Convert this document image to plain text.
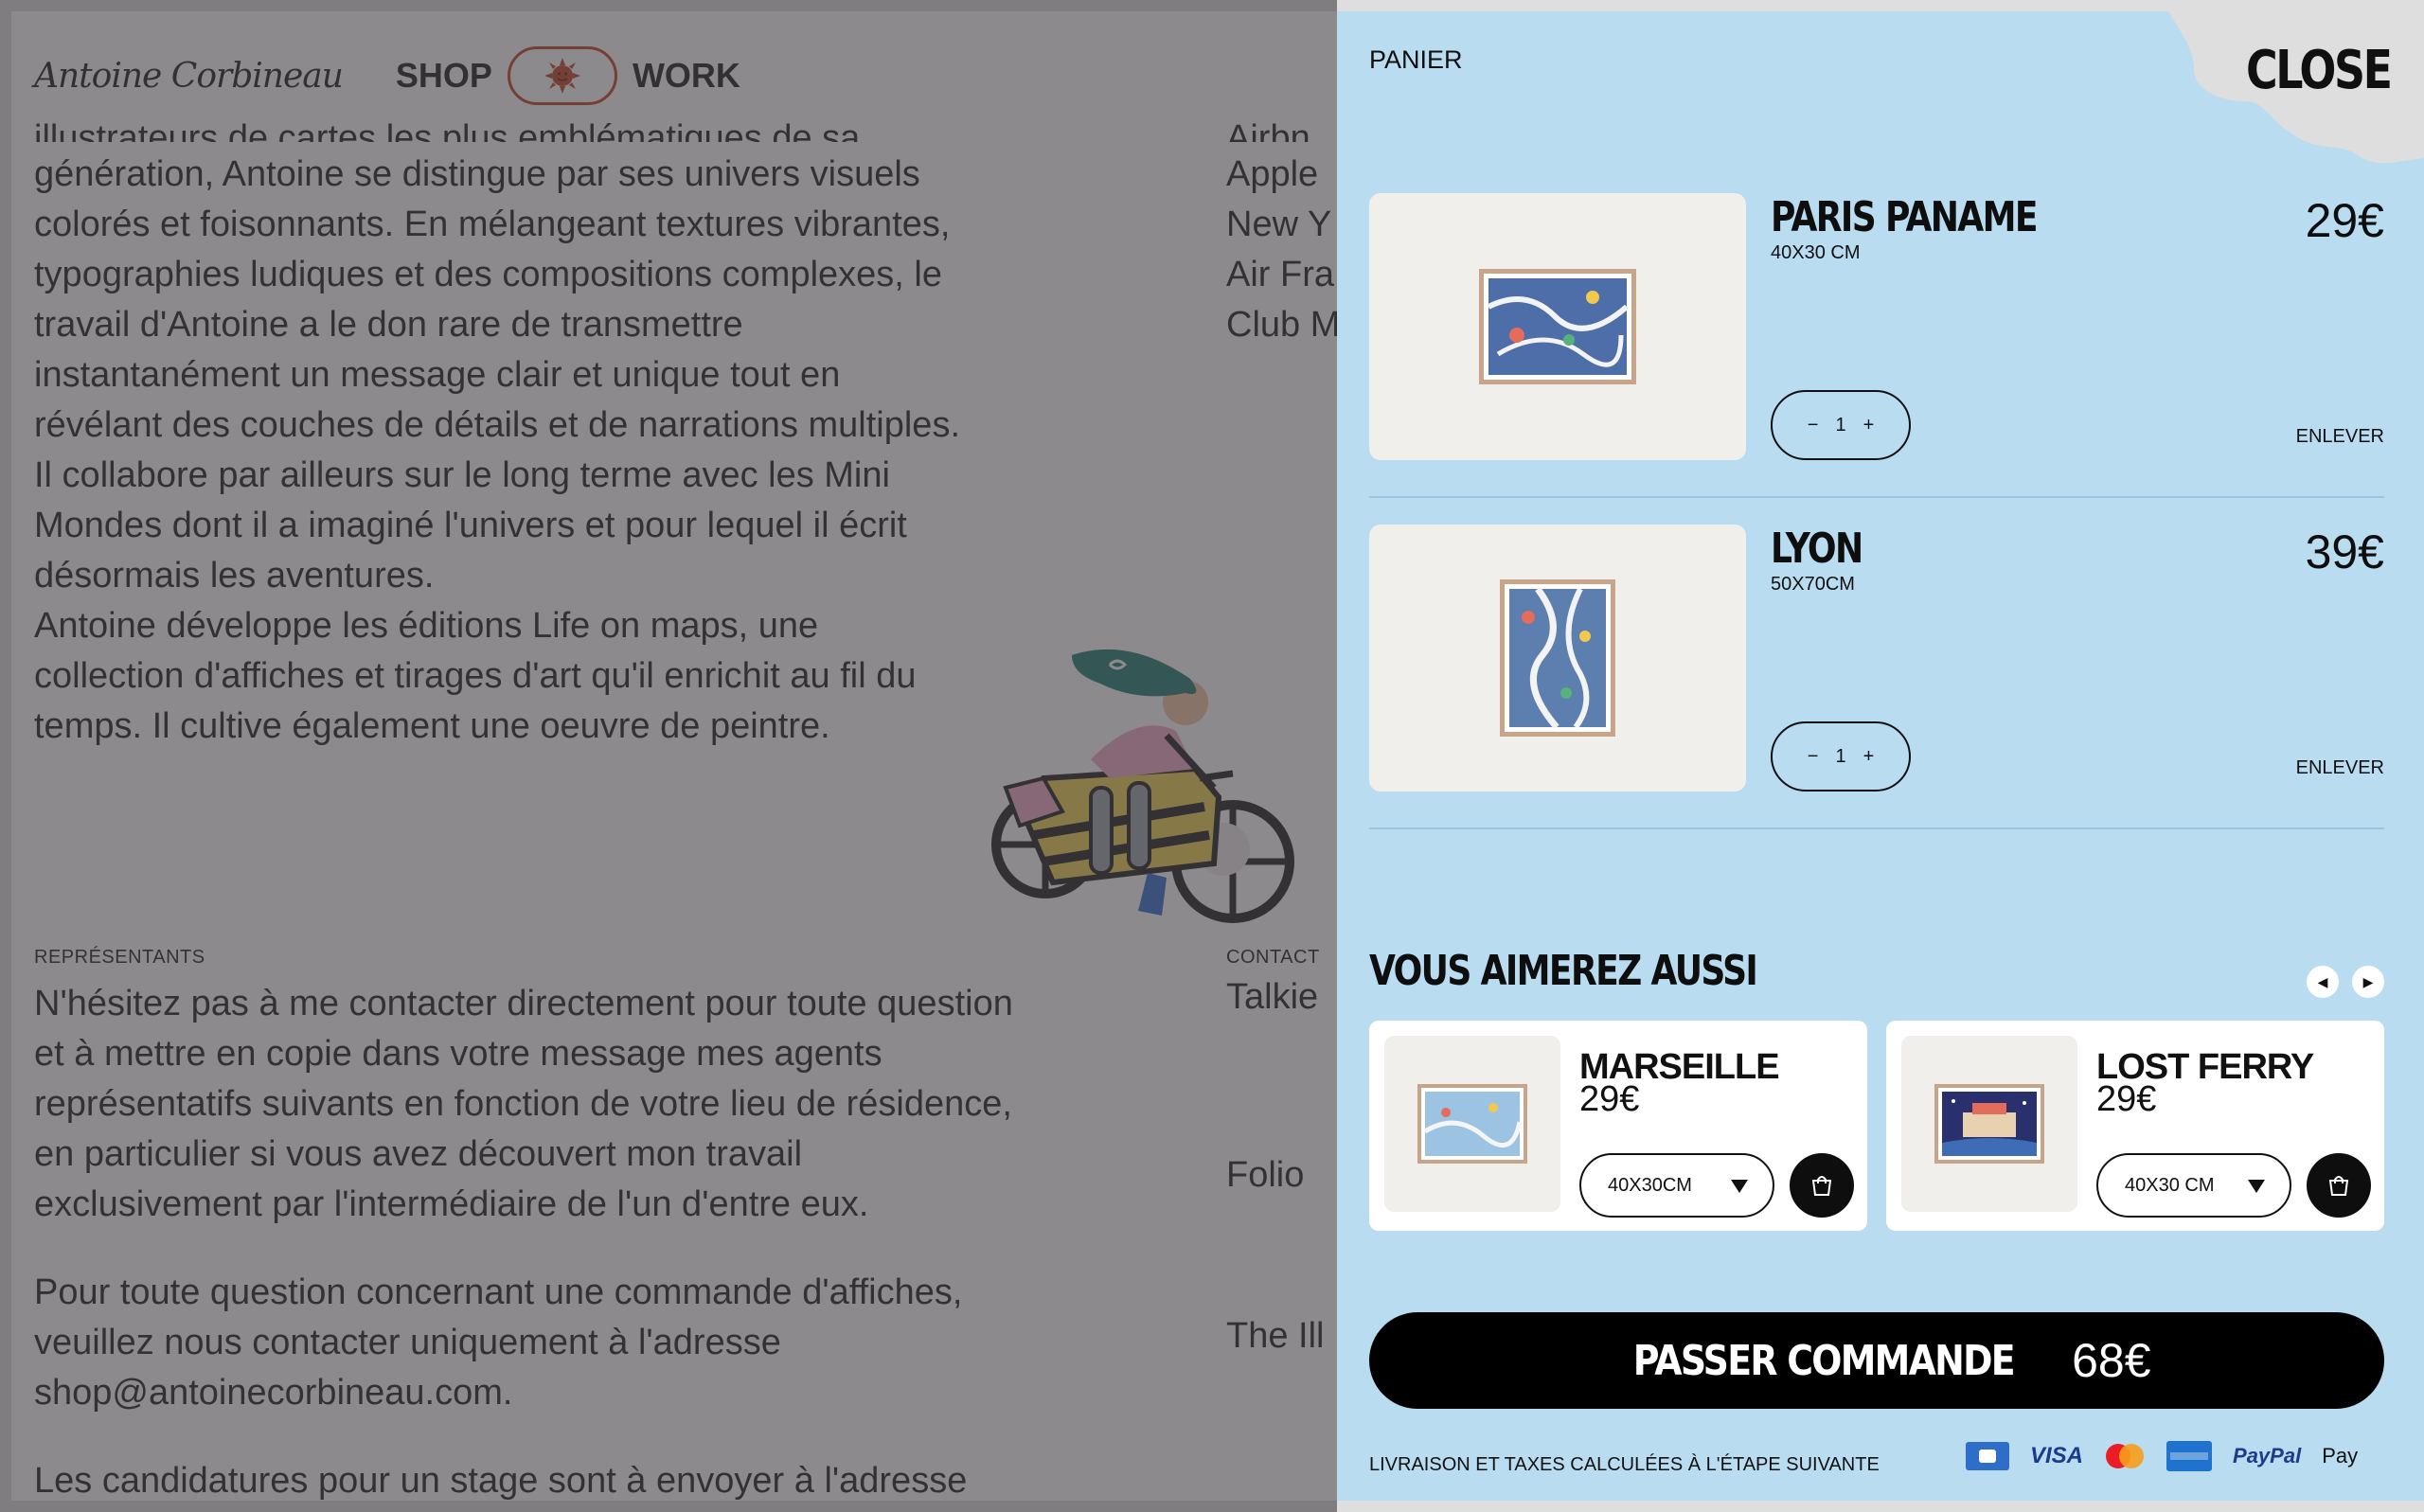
PANIER	CLOSE
PARIS PANAME
40X30 CM
29€
− 1 +
ENLEVER
LYON
50X70CM
39€
− 1 +
ENLEVER
VOUS AIMEREZ AUSSI	◀	▶
MARSEILLE
29€
40X30CM
LOST FERRY
29€
40X30 CM
PASSER COMMANDE 68€
LIVRAISON ET TAXES CALCULÉES À L'ÉTAPE SUIVANTE	VISA	PayPal Pay
